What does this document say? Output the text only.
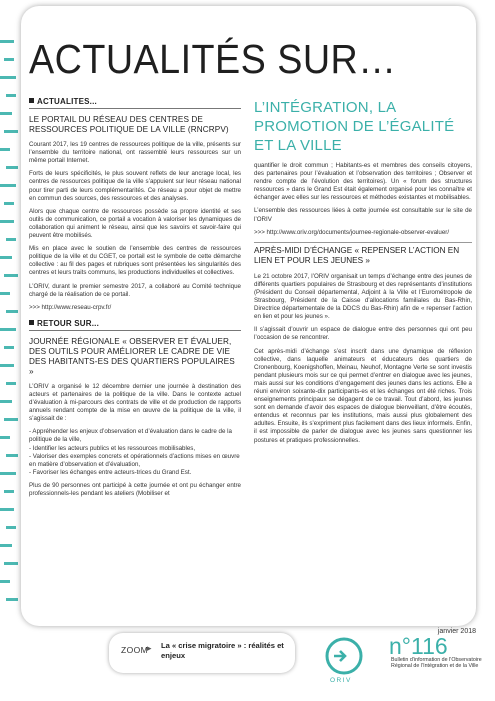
ACTUALITÉS SUR…
ACTUALITES...
LE PORTAIL DU RÉSEAU DES CENTRES DE RESSOURCES POLITIQUE DE LA VILLE (RNCRPV)

Courant 2017, les 19 centres de ressources politique de la ville, présents sur l’ensemble du territoire national, ont rassemblé leurs ressources sur un même portail Internet.

Forts de leurs spécificités, le plus souvent reflets de leur ancrage local, les centres de ressources politique de la ville s’appuient sur leur réseau national pour tirer parti de leurs complémentarités. Ce réseau a pour objet de mettre en commun des sources, des ressources et des analyses.

Alors que chaque centre de ressources possède sa propre identité et ses outils de communication, ce portail a vocation à valoriser les dynamiques de collaboration qui animent le réseau, ainsi que les savoirs et savoir-faire qui peuvent être mobilisés.

Mis en place avec le soutien de l’ensemble des centres de ressources politique de la ville et du CGET, ce portail est le symbole de cette démarche collective : au fil des pages et rubriques sont présentées les singularités des centres et leurs traits communs, les productions individuelles et collectives.

L’ORIV, durant le premier semestre 2017, a collaboré au Comité technique chargé de la réalisation de ce portail.

>>> http://www.reseau-crpv.fr/

RETOUR SUR...
JOURNÉE RÉGIONALE « OBSERVER ET ÉVALUER, DES OUTILS POUR AMÉLIORER LE CADRE DE VIE DES HABITANTS-ES DES QUARTIERS POPULAIRES »

L’ORIV a organisé le 12 décembre dernier une journée à destination des acteurs et partenaires de la politique de la ville. Dans le contexte actuel d’évaluation à mi-parcours des contrats de ville et de production de rapports annuels rendant compte de la mise en œuvre de la politique de la ville, il s’agissait de :

- Appréhender les enjeux d’observation et d’évaluation dans le cadre de la politique de la ville,
- Identifier les acteurs publics et les ressources mobilisables,
- Valoriser des exemples concrets et opérationnels d’actions mises en œuvre en matière d’observation et d’évaluation,
- Favoriser les échanges entre acteurs-trices du Grand Est.

Plus de 90 personnes ont participé à cette journée et ont pu échanger entre professionnels-les pendant les ateliers (Mobiliser et

L’INTÉGRATION, LA PROMOTION DE L’ÉGALITÉ ET LA VILLE

quantifier le droit commun ; Habitants-es et membres des conseils citoyens, des partenaires pour l’évaluation et l’observation des territoires ; Observer et rendre compte de l’évolution des territoires). Un « forum des structures ressources » dans le Grand Est était également organisé pour les connaître et échanger avec elles sur les ressources et méthodes existantes et mobilisables.

L’ensemble des ressources liées à cette journée est consultable sur le site de l’ORIV

>>> http://www.oriv.org/documents/journee-regionale-observer-evaluer/

APRÈS-MIDI D’ÉCHANGE « REPENSER L’ACTION EN LIEN ET POUR LES JEUNES »

Le 21 octobre 2017, l’ORIV organisait un temps d’échange entre des jeunes de différents quartiers populaires de Strasbourg et des représentants d’institutions (Président du Conseil départemental, Adjoint à la Ville et l’Eurométropole de Strasbourg, Président de la Caisse d’allocations familiales du Bas-Rhin, Directrice départementale de la DDCS du Bas-Rhin) afin de « repenser l’action en lien et pour les jeunes ».

Il s’agissait d’ouvrir un espace de dialogue entre des personnes qui ont peu l’occasion de se rencontrer.

Cet après-midi d’échange s’est inscrit dans une dynamique de réflexion collective, dans laquelle animateurs et éducateurs des quartiers de Cronenbourg, Koenigshoffen, Meinau, Neuhof, Montagne Verte se sont investis pendant plusieurs mois sur ce qui permet d’entrer en dialogue avec les jeunes, mais aussi sur les conditions d’engagement des jeunes dans les actions. Elle a réuni environ soixante-dix participants-es et les échanges ont été riches. Trois enseignements principaux se dégagent de ce travail. Tout d’abord, les jeunes sont en demande d’avoir des espaces de dialogue bienveillant, d’être écoutés, entendus et reconnus par les institutions, mais aussi plus globalement des adultes. Ensuite, ils s’expriment plus facilement dans des lieux informels. Enfin, il est impossible de parler de dialogue avec les jeunes sans questionner les postures et pratiques professionnelles.

ZOOM
▸ La « crise migratoire » : réalités et enjeux
ORIV
janvier 2018
n°116
Bulletin d’information de l’Observatoire Régional de l’Intégration et de la Ville
